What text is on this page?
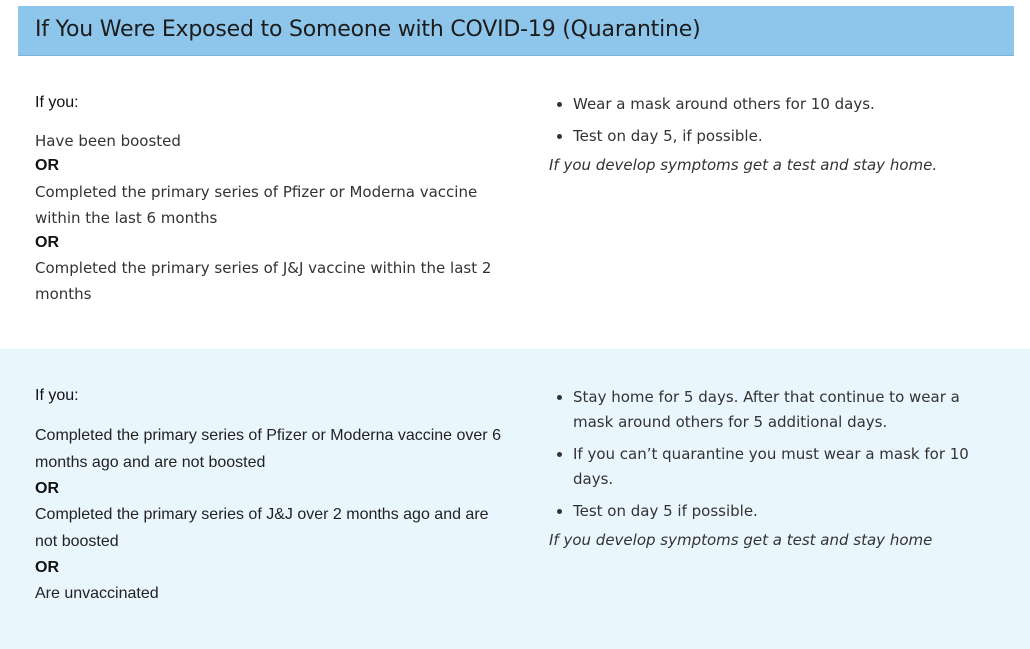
If You Were Exposed to Someone with COVID-19 (Quarantine)

If you:

Have been boosted
OR
Completed the primary series of Pfizer or Moderna vaccine within the last 6 months
OR
Completed the primary series of J&J vaccine within the last 2 months
• Wear a mask around others for 10 days.
• Test on day 5, if possible.

If you develop symptoms get a test and stay home.

If you:

Completed the primary series of Pfizer or Moderna vaccine over 6 months ago and are not boosted
OR
Completed the primary series of J&J over 2 months ago and are not boosted
OR
Are unvaccinated
• Stay home for 5 days. After that continue to wear a mask around others for 5 additional days.
• If you can’t quarantine you must wear a mask for 10 days.
• Test on day 5 if possible.

If you develop symptoms get a test and stay home
